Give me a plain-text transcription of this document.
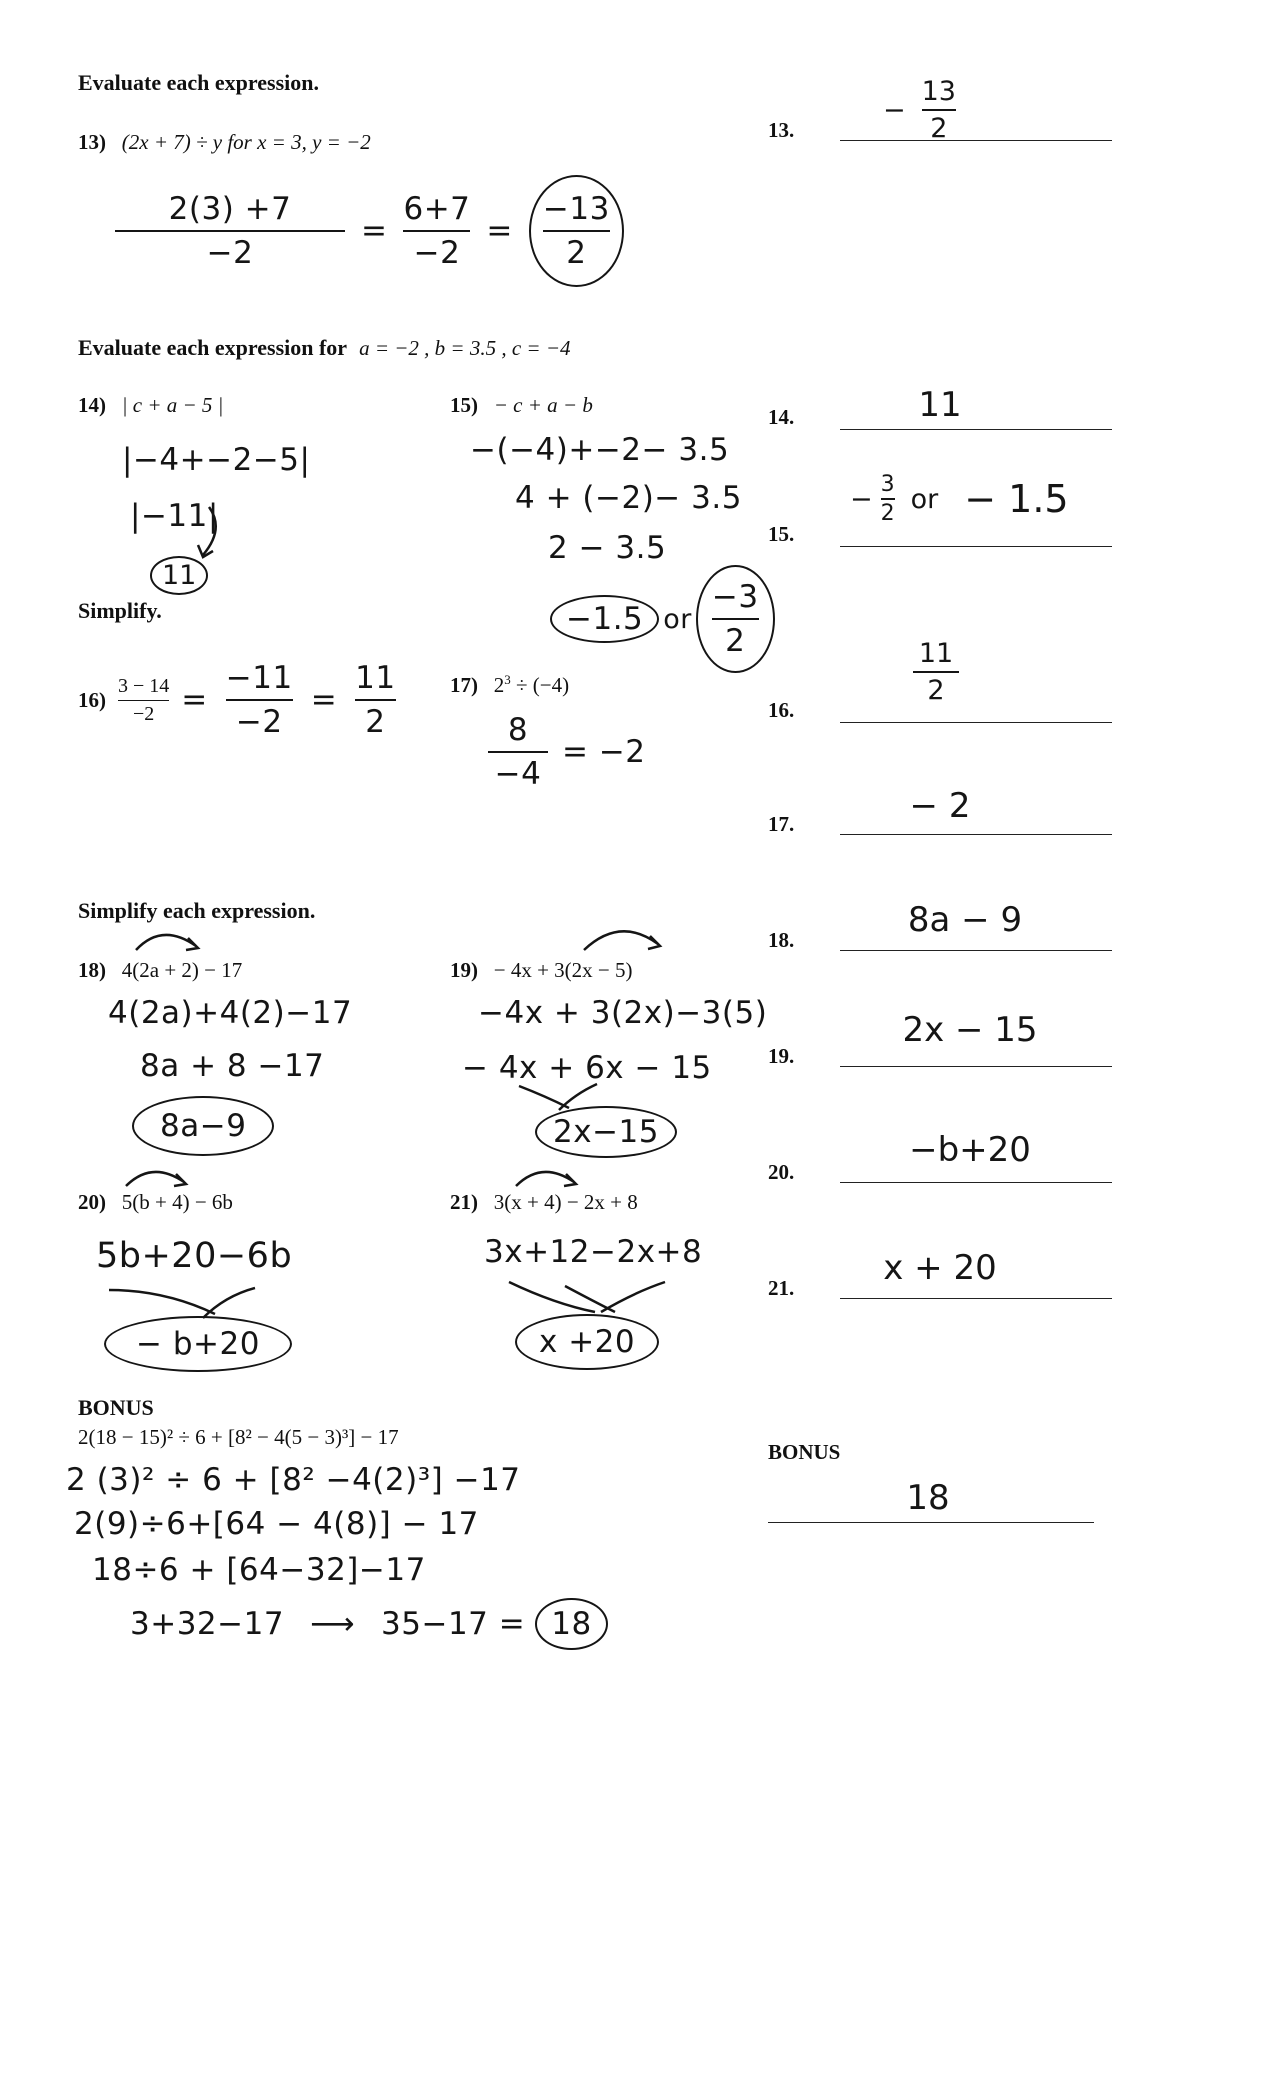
Evaluate each expression.
13) (2x + 7) ÷ y for x = 3, y = −2
$\frac{2(3) +7}{-2} = \frac{6+7}{-2} = \frac{-13}{2}$
Evaluate each expression for a = −2 , b = 3.5 , c = −4
14) | c + a − 5 |	15) − c + a − b
|−4+−2−5|
|−11|
11
−(−4)+−2− 3.5
4 + (−2)− 3.5
2 − 3.5
−1.5 or $\frac{-3}{2}$
Simplify.
$16) \frac{3 - 14}{-2} = \frac{-11}{-2} = \frac{11}{2}$	17) $2^3 \div (-4)$
$\frac{8}{-4} = -2$
Simplify each expression.
18) 4(2a + 2) − 17
4(2a)+4(2)−17
8a + 8 −17
8a−9
19) − 4x + 3(2x − 5)
−4x + 3(2x)−3(5)
− 4x + 6x − 15
2x−15
20) 5(b + 4) − 6b
5b+20−6b
− b+20
21) 3(x + 4) − 2x + 8
3x+12−2x+8
x +20
BONUS
2(18 − 15)² ÷ 6 + [8² − 4(5 − 3)³] − 17
2 (3)² ÷ 6 + [8² −4(2)³] −17
2(9)÷6+[64 − 4(8)] − 17
18÷6 + [64−32]−17
3+32−17 ⟶ 35−17 = 18
13.
− $\frac{13}{2}$
14.	11
15.
− $\frac{3}{2}$ or − 1.5
16.
$\frac{11}{2}$
17.	− 2
18.	8a − 9
19.
2x − 15
20.
−b+20
21.	x + 20
BONUS
18
